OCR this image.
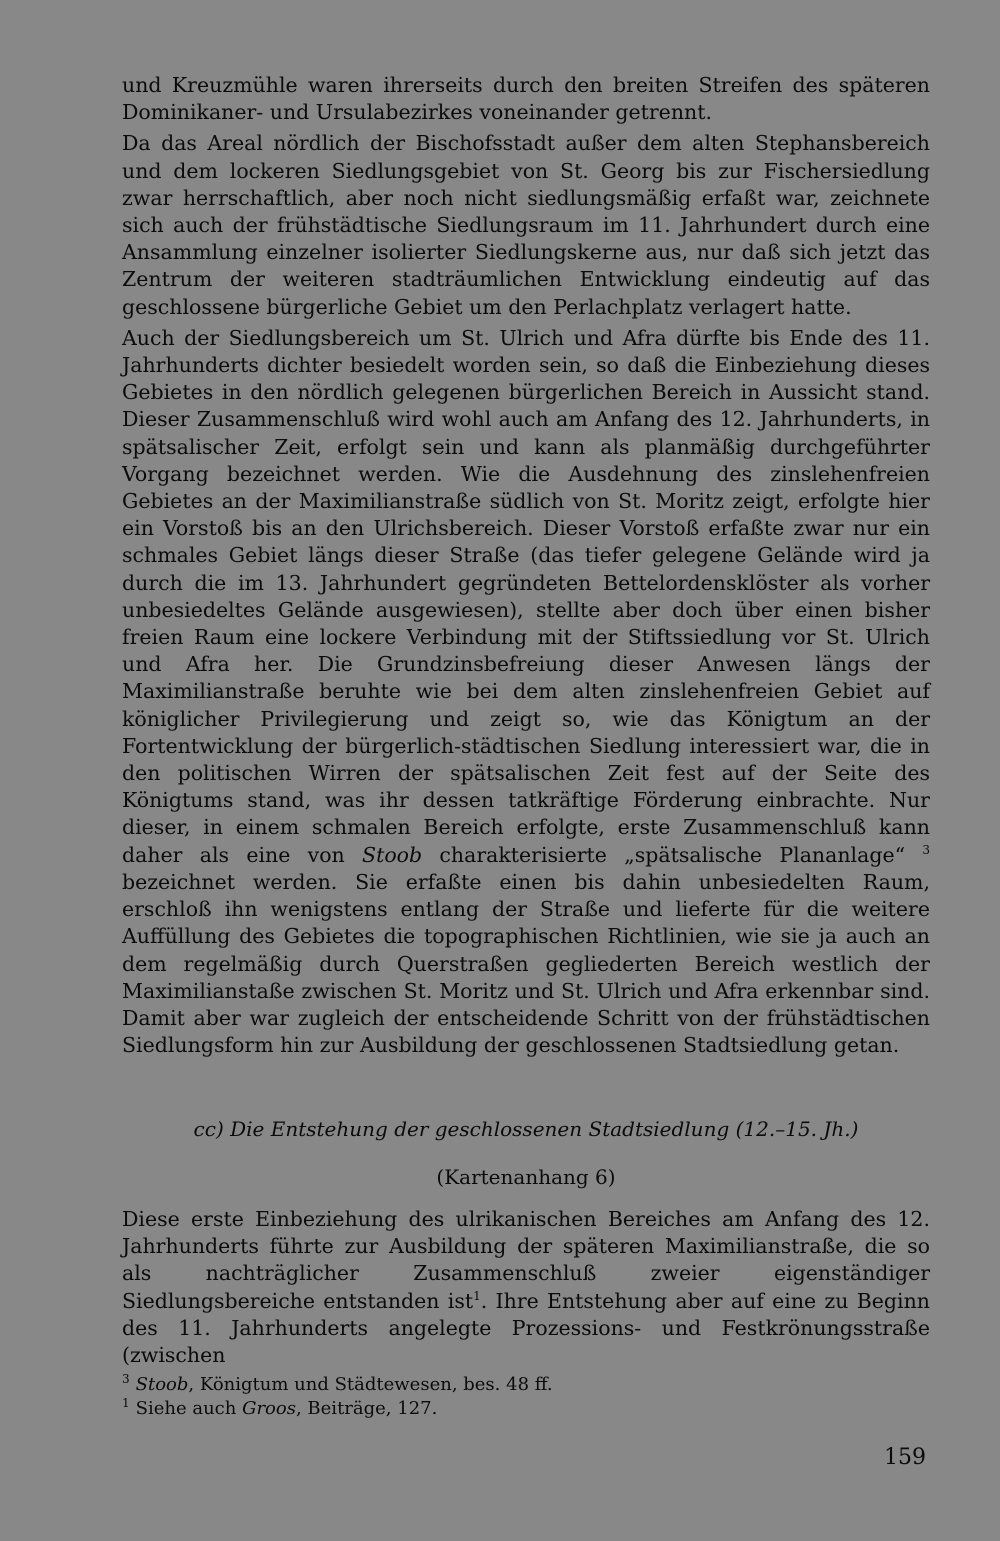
und Kreuzmühle waren ihrerseits durch den breiten Streifen des späteren Dominikaner- und Ursulabezirkes voneinander getrennt.
Da das Areal nördlich der Bischofsstadt außer dem alten Stephansbereich und dem lockeren Siedlungsgebiet von St. Georg bis zur Fischersiedlung zwar herrschaftlich, aber noch nicht siedlungsmäßig erfaßt war, zeichnete sich auch der frühstädtische Siedlungsraum im 11. Jahrhundert durch eine Ansammlung einzelner isolierter Siedlungskerne aus, nur daß sich jetzt das Zentrum der weiteren stadträumlichen Entwicklung eindeutig auf das geschlossene bürgerliche Gebiet um den Perlachplatz verlagert hatte.
Auch der Siedlungsbereich um St. Ulrich und Afra dürfte bis Ende des 11. Jahrhunderts dichter besiedelt worden sein, so daß die Einbeziehung dieses Gebietes in den nördlich gelegenen bürgerlichen Bereich in Aussicht stand. Dieser Zusammenschluß wird wohl auch am Anfang des 12. Jahrhunderts, in spätsalischer Zeit, erfolgt sein und kann als planmäßig durchgeführter Vorgang bezeichnet werden. Wie die Ausdehnung des zinslehenfreien Gebietes an der Maximilianstraße südlich von St. Moritz zeigt, erfolgte hier ein Vorstoß bis an den Ulrichsbereich. Dieser Vorstoß erfaßte zwar nur ein schmales Gebiet längs dieser Straße (das tiefer gelegene Gelände wird ja durch die im 13. Jahrhundert gegründeten Bettelordensklöster als vorher unbesiedeltes Gelände ausgewiesen), stellte aber doch über einen bisher freien Raum eine lockere Verbindung mit der Stiftssiedlung vor St. Ulrich und Afra her. Die Grundzinsbefreiung dieser Anwesen längs der Maximilianstraße beruhte wie bei dem alten zinslehenfreien Gebiet auf königlicher Privilegierung und zeigt so, wie das Königtum an der Fortentwicklung der bürgerlich-städtischen Siedlung interessiert war, die in den politischen Wirren der spätsalischen Zeit fest auf der Seite des Königtums stand, was ihr dessen tatkräftige Förderung einbrachte. Nur dieser, in einem schmalen Bereich erfolgte, erste Zusammenschluß kann daher als eine von Stoob charakterisierte „spätsalische Plananlage“ $^3$ bezeichnet werden. Sie erfaßte einen bis dahin unbesiedelten Raum, erschloß ihn wenigstens entlang der Straße und lieferte für die weitere Auffüllung des Gebietes die topographischen Richtlinien, wie sie ja auch an dem regelmäßig durch Querstraßen gegliederten Bereich westlich der Maximilianstaße zwischen St. Moritz und St. Ulrich und Afra erkennbar sind. Damit aber war zugleich der entscheidende Schritt von der frühstädtischen Siedlungsform hin zur Ausbildung der geschlossenen Stadtsiedlung getan.

cc) Die Entstehung der geschlossenen Stadtsiedlung (12.–15. Jh.)

(Kartenanhang 6)

Diese erste Einbeziehung des ulrikanischen Bereiches am Anfang des 12. Jahrhunderts führte zur Ausbildung der späteren Maximilianstraße, die so als nachträglicher Zusammenschluß zweier eigenständiger Siedlungsbereiche entstanden ist$^1$. Ihre Entstehung aber auf eine zu Beginn des 11. Jahrhunderts angelegte Prozessions- und Festkrönungsstraße (zwischen

$^3$ Stoob, Königtum und Städtewesen, bes. 48 ff.

$^1$ Siehe auch Groos, Beiträge, 127.

159
